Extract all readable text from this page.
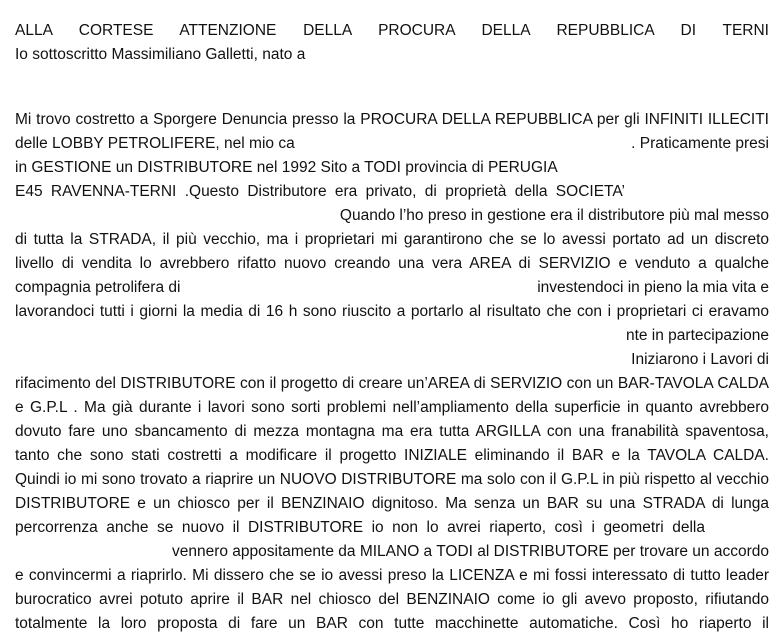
ALLA CORTESE ATTENZIONE DELLA PROCURA DELLA REPUBBLICA DI TERNI
Io sottoscritto Massimiliano Galletti, nato a
Mi trovo costretto a Sporgere Denuncia presso la PROCURA DELLA REPUBBLICA per gli INFINITI ILLECITI
delle LOBBY PETROLIFERE, nel mio ca	. Praticamente presi
in GESTIONE un DISTRIBUTORE nel 1992 Sito a TODI provincia di PERUGIA
E45 RAVENNA-TERNI .Questo Distributore era privato, di proprietà della SOCIETA’
Quando l’ho preso in gestione era il distributore più mal messo
di tutta la STRADA, il più vecchio, ma i proprietari mi garantirono che se lo avessi portato ad un discreto
livello di vendita lo avrebbero rifatto nuovo creando una vera AREA di SERVIZIO e venduto a qualche
compagnia petrolifera di	investendoci in pieno la mia vita e
lavorandoci tutti i giorni la media di 16 h sono riuscito a portarlo al risultato che con i proprietari ci eravamo
nte in partecipazione
Iniziarono i Lavori di
rifacimento del DISTRIBUTORE con il progetto di creare un’AREA di SERVIZIO con un BAR-TAVOLA CALDA
e G.P.L . Ma già durante i lavori sono sorti problemi nell’ampliamento della superficie in quanto avrebbero
dovuto fare uno sbancamento di mezza montagna ma era tutta ARGILLA con una franabilità spaventosa,
tanto che sono stati costretti a modificare il progetto INIZIALE eliminando il BAR e la TAVOLA CALDA.
Quindi io mi sono trovato a riaprire un NUOVO DISTRIBUTORE ma solo con il G.P.L in più rispetto al vecchio
DISTRIBUTORE e un chiosco per il BENZINAIO dignitoso. Ma senza un BAR su una STRADA di lunga
percorrenza anche se nuovo il DISTRIBUTORE io non lo avrei riaperto, così i geometri della
vennero appositamente da MILANO a TODI al DISTRIBUTORE per trovare un accordo
e convincermi a riaprirlo. Mi dissero che se io avessi preso la LICENZA e mi fossi interessato di tutto leader
burocratico avrei potuto aprire il BAR nel chiosco del BENZINAIO come io gli avevo proposto, rifiutando
totalmente la loro proposta di fare un BAR con tutte macchinette automatiche. Così ho riaperto il
